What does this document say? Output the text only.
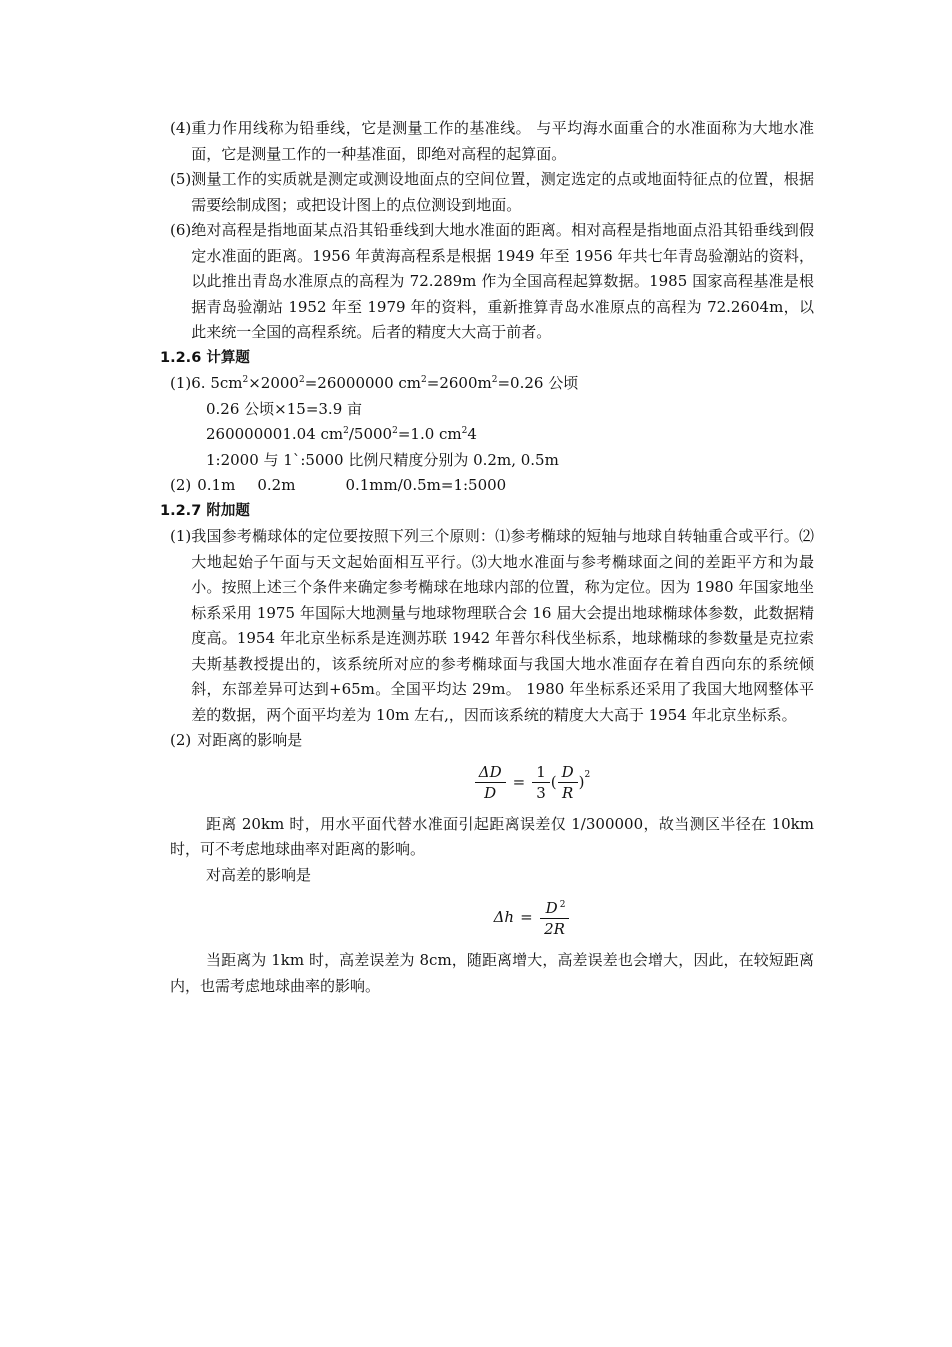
(4) 重力作用线称为铅垂线，它是测量工作的基准线。 与平均海水面重合的水准面称为大地水准面，它是测量工作的一种基准面，即绝对高程的起算面。
(5) 测量工作的实质就是测定或测设地面点的空间位置，测定选定的点或地面特征点的位置，根据需要绘制成图；或把设计图上的点位测设到地面。
(6) 绝对高程是指地面某点沿其铅垂线到大地水准面的距离。相对高程是指地面点沿其铅垂线到假定水准面的距离。1956 年黄海高程系是根据 1949 年至 1956 年共七年青岛验潮站的资料，以此推出青岛水准原点的高程为 72.289m 作为全国高程起算数据。1985 国家高程基准是根据青岛验潮站 1952 年至 1979 年的资料，重新推算青岛水准原点的高程为 72.2604m，以此来统一全国的高程系统。后者的精度大大高于前者。
1.2.6 计算题
(1) 6. $5cm^2\times 2000^2=26000000$ $cm^2=2600m^2=0.26$ 公顷
0.26 公顷×15=3.9 亩
260000001.04 $cm^2/5000^2=1.0$ $cm^24$
1:2000 与 1`:5000 比例尺精度分别为 0.2m, 0.5m
(2) 0.1m 0.2m	0.1mm/0.5m=1:5000
1.2.7 附加题
(1) 我国参考椭球体的定位要按照下列三个原则：⑴参考椭球的短轴与地球自转轴重合或平行。⑵大地起始子午面与天文起始面相互平行。⑶大地水准面与参考椭球面之间的差距平方和为最小。按照上述三个条件来确定参考椭球在地球内部的位置，称为定位。因为 1980 年国家地坐标系采用 1975 年国际大地测量与地球物理联合会 16 届大会提出地球椭球体参数，此数据精度高。1954 年北京坐标系是连测苏联 1942 年普尔科伐坐标系，地球椭球的参数量是克拉索夫斯基教授提出的，该系统所对应的参考椭球面与我国大地水准面存在着自西向东的系统倾斜，东部差异可达到+65m。全国平均达 29m。 1980 年坐标系还采用了我国大地网整体平差的数据，两个面平均差为 10m 左右,，因而该系统的精度大大高于 1954 年北京坐标系。
(2) 对距离的影响是
$\frac{\Delta D}{D} = \frac{1}{3}$ ( $\frac{D}{R} )^2$

距离 20km 时，用水平面代替水准面引起距离误差仅 1/300000，故当测区半径在 10km 时，可不考虑地球曲率对距离的影响。

对高差的影响是

$\Delta h = \frac{D ^2}{2R}$

当距离为 1km 时，高差误差为 8cm，随距离增大，高差误差也会增大，因此，在较短距离内，也需考虑地球曲率的影响。
